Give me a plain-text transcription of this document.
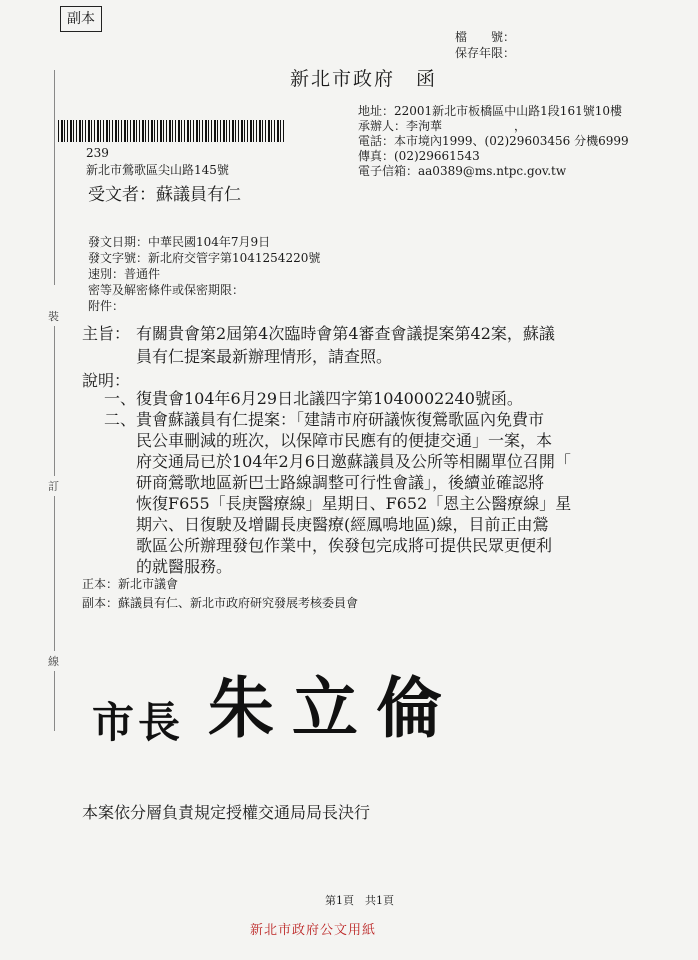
副本
檔　　號：
保存年限：
新北市政府　函
地址：22001新北市板橋區中山路1段161號10樓
承辦人：李洵華　　　　　　，
電話：本市境內1999、(02)29603456 分機6999
傳真：(02)29661543
電子信箱：aa0389@ms.ntpc.gov.tw
239
新北市鶯歌區尖山路145號
受文者：蘇議員有仁
發文日期：中華民國104年7月9日
發文字號：新北府交管字第1041254220號
速別：普通件
密等及解密條件或保密期限：
附件：
主旨： 有關貴會第2屆第4次臨時會第4審查會議提案第42案，蘇議
員有仁提案最新辦理情形，請查照。
說明：
一、 復貴會104年6月29日北議四字第1040002240號函。
二、 貴會蘇議員有仁提案：「建請市府研議恢復鶯歌區內免費市
民公車刪減的班次，以保障市民應有的便捷交通」一案，本
府交通局已於104年2月6日邀蘇議員及公所等相關單位召開「
研商鶯歌地區新巴士路線調整可行性會議」，後續並確認將
恢復F655「長庚醫療線」星期日、F652「恩主公醫療線」星
期六、日復駛及增闢長庚醫療(經鳳鳴地區)線，目前正由鶯
歌區公所辦理發包作業中，俟發包完成將可提供民眾更便利
的就醫服務。
正本：新北市議會
副本：蘇議員有仁、新北市政府研究發展考核委員會
裝
訂
線
市長 朱立倫
本案依分層負責規定授權交通局局長決行
第1頁　共1頁
新北市政府公文用紙
